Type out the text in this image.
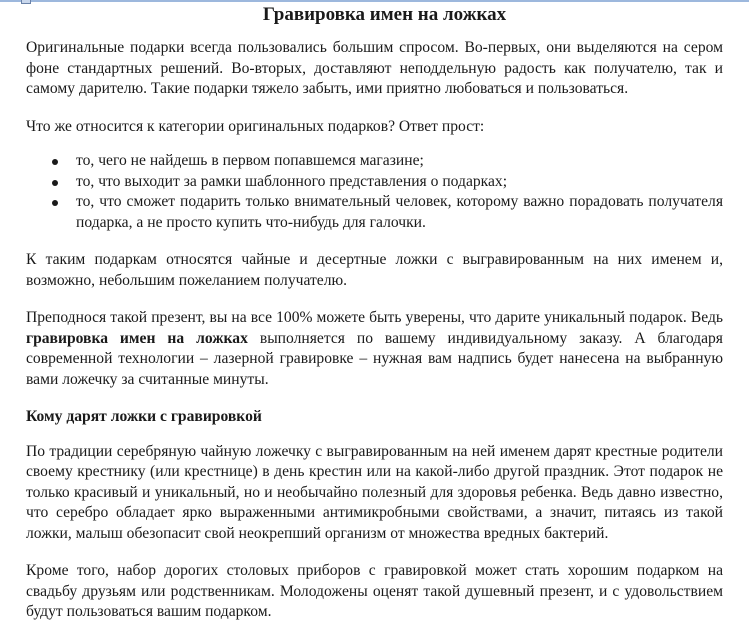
Гравировка имен на ложках

Оригинальные подарки всегда пользовались большим спросом. Во-первых, они выделяются на сером фоне стандартных решений. Во-вторых, доставляют неподдельную радость как получателю, так и самому дарителю. Такие подарки тяжело забыть, ими приятно любоваться и пользоваться.

Что же относится к категории оригинальных подарков? Ответ прост:

то, чего не найдешь в первом попавшемся магазине;
то, что выходит за рамки шаблонного представления о подарках;
то, что сможет подарить только внимательный человек, которому важно порадовать получателя подарка, а не просто купить что-нибудь для галочки.

К таким подаркам относятся чайные и десертные ложки с выгравированным на них именем и, возможно, небольшим пожеланием получателю.

Преподнося такой презент, вы на все 100% можете быть уверены, что дарите уникальный подарок. Ведь гравировка имен на ложках выполняется по вашему индивидуальному заказу. А благодаря современной технологии – лазерной гравировке – нужная вам надпись будет нанесена на выбранную вами ложечку за считанные минуты.

Кому дарят ложки с гравировкой

По традиции серебряную чайную ложечку с выгравированным на ней именем дарят крестные родители своему крестнику (или крестнице) в день крестин или на какой-либо другой праздник. Этот подарок не только красивый и уникальный, но и необычайно полезный для здоровья ребенка. Ведь давно известно, что серебро обладает ярко выраженными антимикробными свойствами, а значит, питаясь из такой ложки, малыш обезопасит свой неокрепший организм от множества вредных бактерий.

Кроме того, набор дорогих столовых приборов с гравировкой может стать хорошим подарком на свадьбу друзьям или родственникам. Молодожены оценят такой душевный презент, и с удовольствием будут пользоваться вашим подарком.
